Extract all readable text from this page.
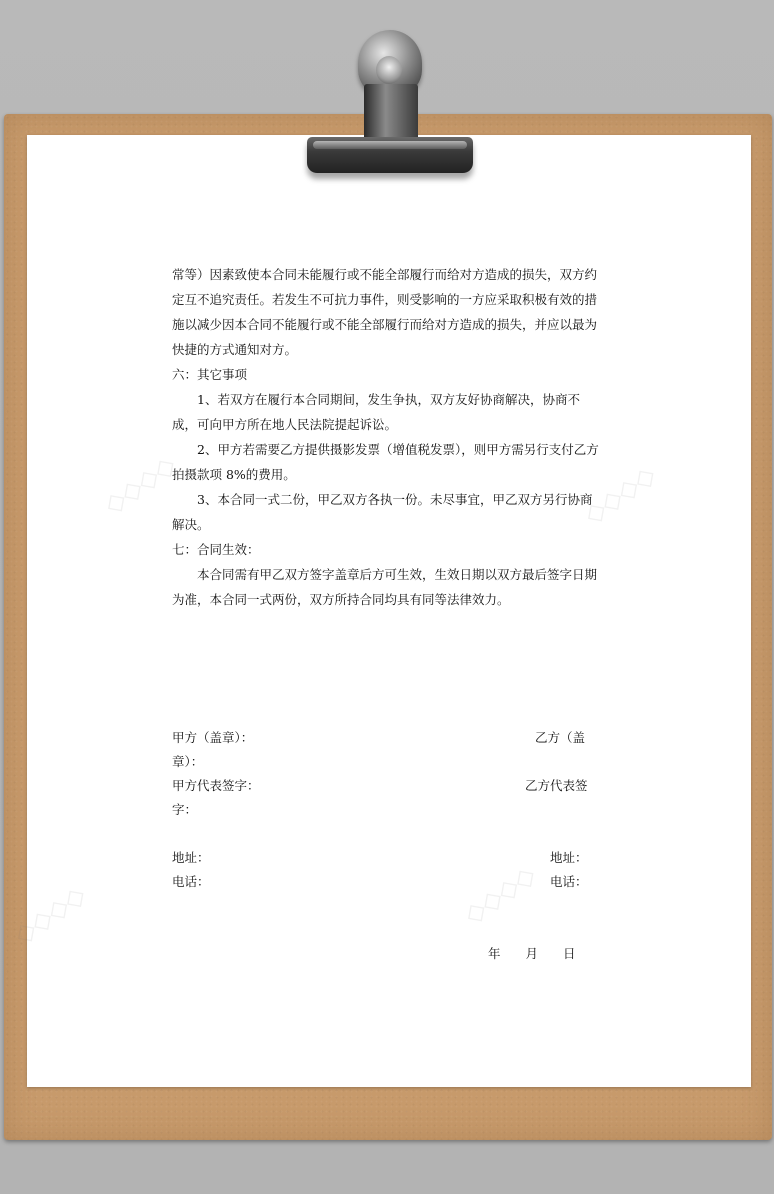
常等）因素致使本合同未能履行或不能全部履行而给对方造成的损失，双方约定互不追究责任。若发生不可抗力事件，则受影响的一方应采取积极有效的措施以减少因本合同不能履行或不能全部履行而给对方造成的损失，并应以最为快捷的方式通知对方。

六：其它事项

1、若双方在履行本合同期间，发生争执，双方友好协商解决，协商不成，可向甲方所在地人民法院提起诉讼。

2、甲方若需要乙方提供摄影发票（增值税发票），则甲方需另行支付乙方拍摄款项 8%的费用。

3、本合同一式二份，甲乙双方各执一份。未尽事宜，甲乙双方另行协商解决。

七：合同生效：

本合同需有甲乙双方签字盖章后方可生效，生效日期以双方最后签字日期为准，本合同一式两份，双方所持合同均具有同等法律效力。

甲方（盖章）：	乙方（盖
章）：
甲方代表签字：	乙方代表签
字：
地址：	地址：
电话：	电话：
年　　月　　日
